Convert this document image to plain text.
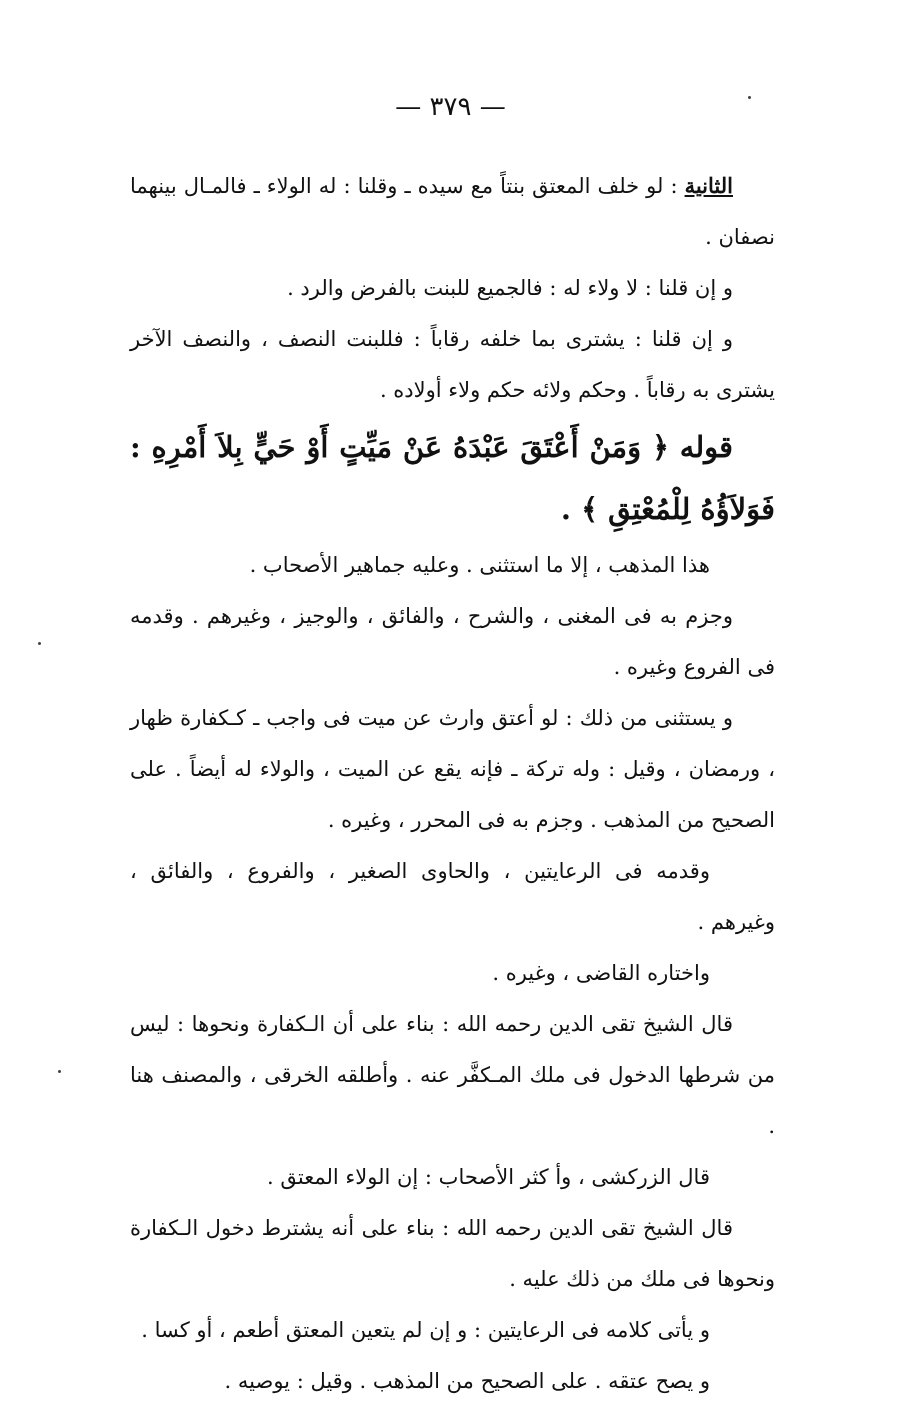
— ٣٧٩ —

الثانية : لو خلف المعتق بنتاً مع سيده ـ وقلنا : له الولاء ـ فالمـال بينهما نصفان .

و إن قلنا : لا ولاء له : فالجميع للبنت بالفرض والرد .

و إن قلنا : يشترى بما خلفه رقاباً : فللبنت النصف ، والنصف الآخر يشترى به رقاباً . وحكم ولائه حكم ولاء أولاده .

قوله ﴿ وَمَنْ أَعْتَقَ عَبْدَهُ عَنْ مَيِّتٍ أَوْ حَيٍّ بِلاَ أَمْرِهِ : فَوَلاَؤُهُ لِلْمُعْتِقِ ﴾ .

هذا المذهب ، إلا ما استثنى . وعليه جماهير الأصحاب .

وجزم به فى المغنى ، والشرح ، والفائق ، والوجيز ، وغيرهم . وقدمه فى الفروع وغيره .

و يستثنى من ذلك : لو أعتق وارث عن ميت فى واجب ـ كـكفارة ظهار ، ورمضان ، وقيل : وله تركة ـ فإنه يقع عن الميت ، والولاء له أيضاً . على الصحيح من المذهب . وجزم به فى المحرر ، وغيره .

وقدمه فى الرعايتين ، والحاوى الصغير ، والفروع ، والفائق ، وغيرهم .

واختاره القاضى ، وغيره .

قال الشيخ تقى الدين رحمه الله : بناء على أن الـكفارة ونحوها : ليس من شرطها الدخول فى ملك المـكفَّر عنه . وأطلقه الخرقى ، والمصنف هنا .

قال الزركشى ، وأ كثر الأصحاب : إن الولاء المعتق .

قال الشيخ تقى الدين رحمه الله : بناء على أنه يشترط دخول الـكفارة ونحوها فى ملك من ذلك عليه .

و يأتى كلامه فى الرعايتين : و إن لم يتعين المعتق أطعم ، أو كسا .

و يصح عتقه . على الصحيح من المذهب . وقيل : يوصيه .
